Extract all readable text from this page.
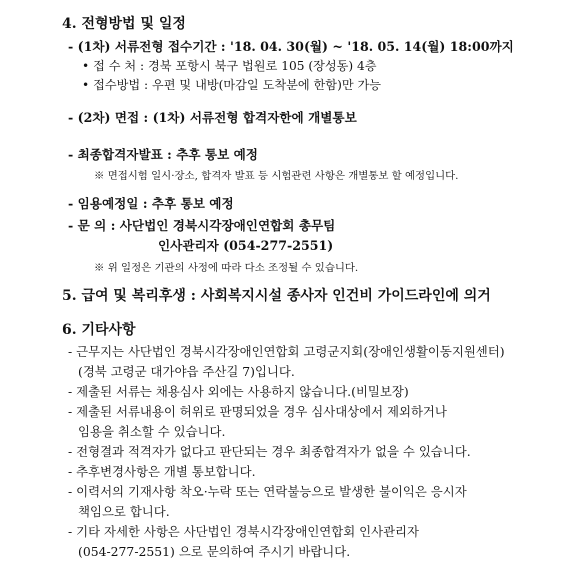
4. 전형방법 및 일정
- (1차) 서류전형 접수기간 : '18. 04. 30(월) ~ '18. 05. 14(월) 18:00까지
• 접 수 처 : 경북 포항시 북구 법원로 105 (장성동) 4층
• 접수방법 : 우편 및 내방(마감일 도착분에 한함)만 가능
- (2차) 면접 : (1차) 서류전형 합격자한에 개별통보
- 최종합격자발표 : 추후 통보 예정
※ 면접시험 일시·장소, 합격자 발표 등 시험관련 사항은 개별통보 할 예정입니다.
- 임용예정일 : 추후 통보 예정
- 문 의 : 사단법인 경북시각장애인연합회 총무팀
인사관리자 (054-277-2551)
※ 위 일정은 기관의 사정에 따라 다소 조정될 수 있습니다.
5. 급여 및 복리후생 : 사회복지시설 종사자 인건비 가이드라인에 의거
6. 기타사항
- 근무지는 사단법인 경북시각장애인연합회 고령군지회(장애인생활이동지원센터)
(경북 고령군 대가야읍 주산길 7)입니다.
- 제출된 서류는 채용심사 외에는 사용하지 않습니다.(비밀보장)
- 제출된 서류내용이 허위로 판명되었을 경우 심사대상에서 제외하거나
임용을 취소할 수 있습니다.
- 전형결과 적격자가 없다고 판단되는 경우 최종합격자가 없을 수 있습니다.
- 추후변경사항은 개별 통보합니다.
- 이력서의 기재사항 착오·누락 또는 연락불능으로 발생한 불이익은 응시자
책임으로 합니다.
- 기타 자세한 사항은 사단법인 경북시각장애인연합회 인사관리자
(054-277-2551) 으로 문의하여 주시기 바랍니다.
